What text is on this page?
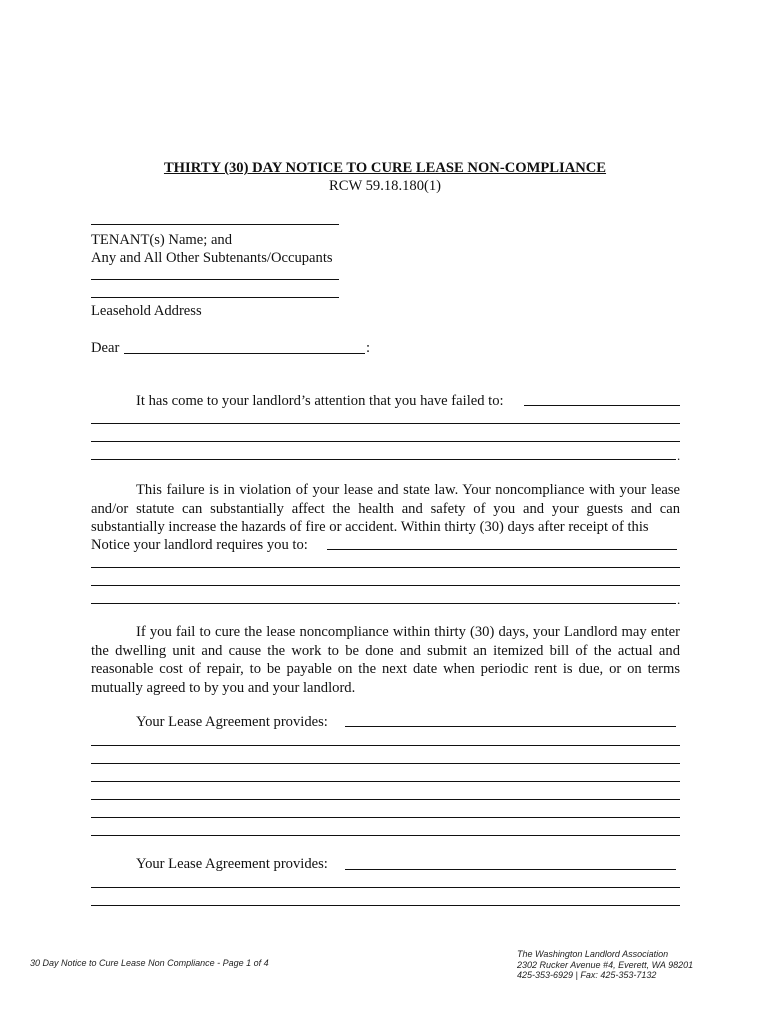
THIRTY (30) DAY NOTICE TO CURE LEASE NON-COMPLIANCE
RCW 59.18.180(1)
TENANT(s) Name; and
Any and All Other Subtenants/Occupants
Leasehold Address
Dear	:
It has come to your landlord’s attention that you have failed to:
.
This failure is in violation of your lease and state law. Your noncompliance with your lease and/or statute can substantially affect the health and safety of you and your guests and can substantially increase the hazards of fire or accident. Within thirty (30) days after receipt of this
Notice your landlord requires you to:
.
If you fail to cure the lease noncompliance within thirty (30) days, your Landlord may enter the dwelling unit and cause the work to be done and submit an itemized bill of the actual and reasonable cost of repair, to be payable on the next date when periodic rent is due, or on terms mutually agreed to by you and your landlord.
Your Lease Agreement provides:
Your Lease Agreement provides:
30 Day Notice to Cure Lease Non Compliance - Page 1 of 4
The Washington Landlord Association
2302 Rucker Avenue #4, Everett, WA 98201
425-353-6929 | Fax: 425-353-7132
